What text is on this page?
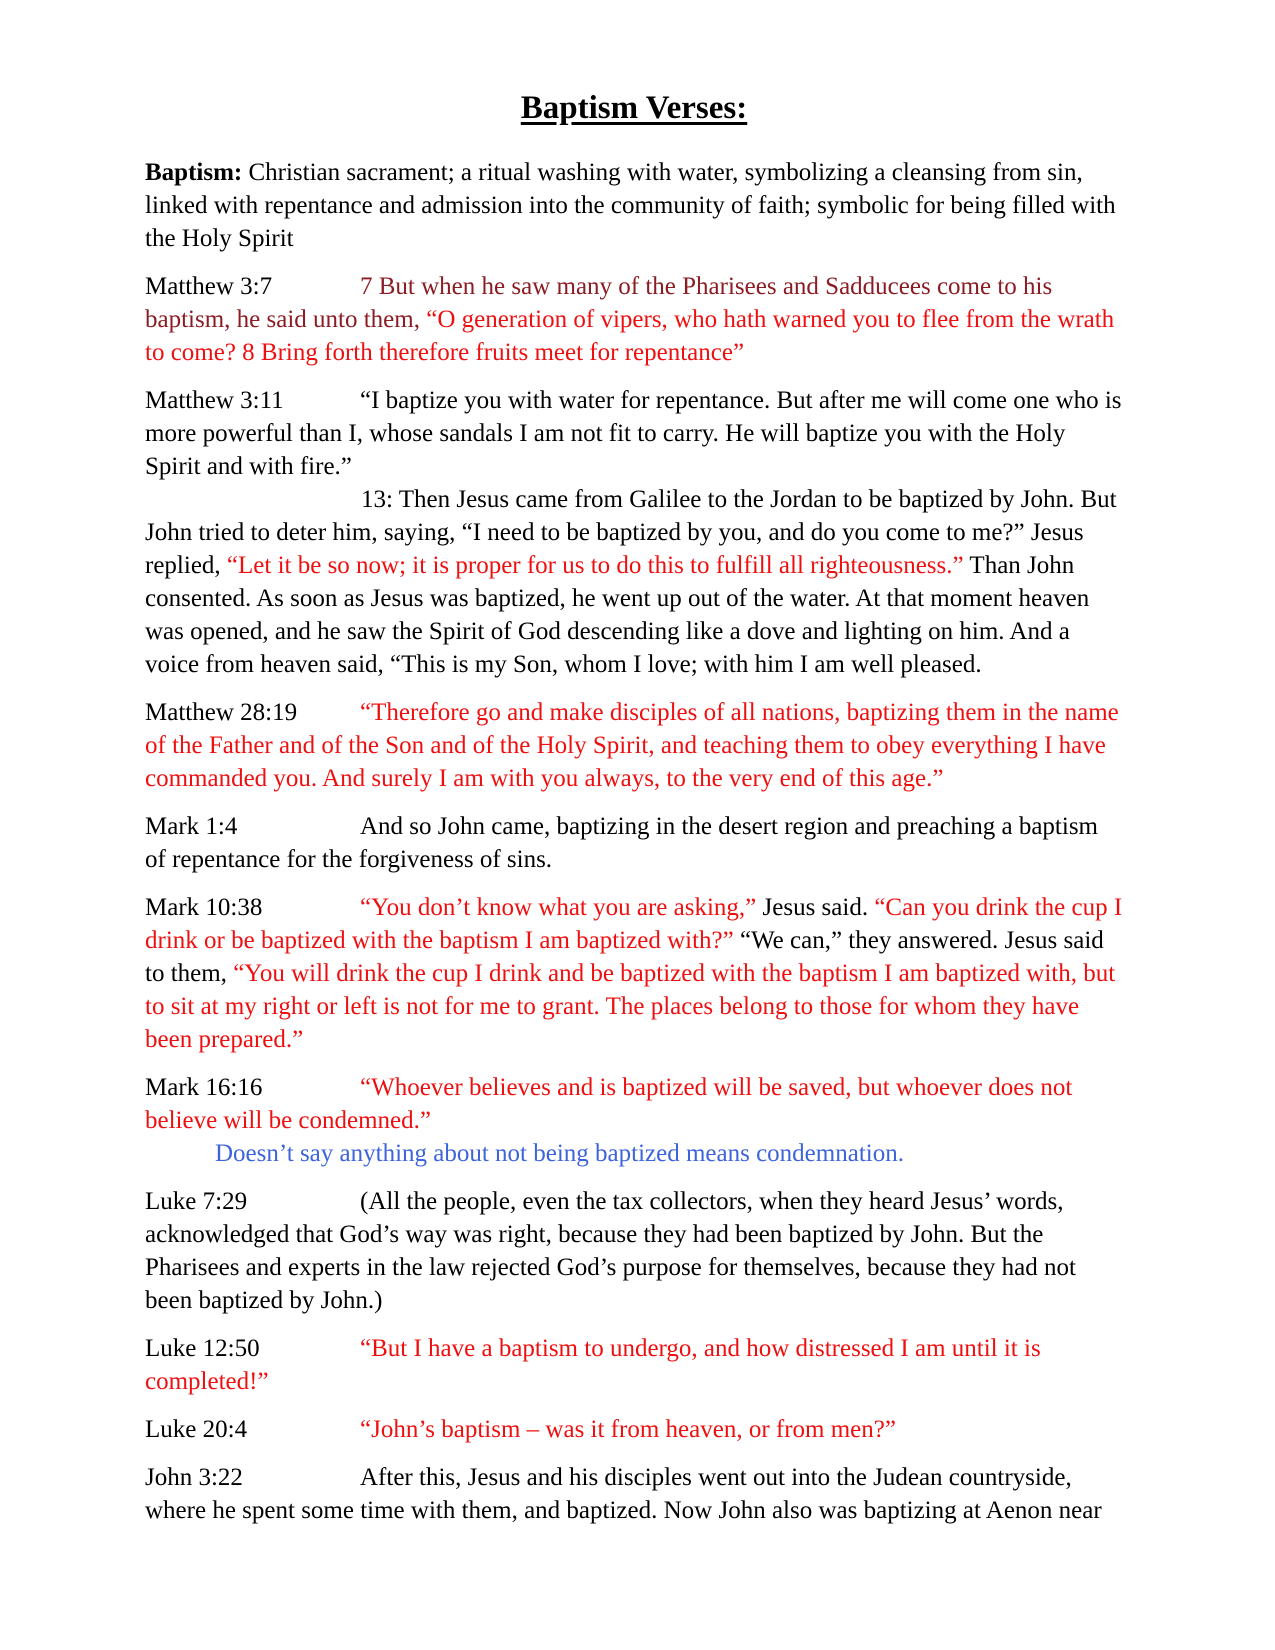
Baptism Verses:

Baptism: Christian sacrament; a ritual washing with water, symbolizing a cleansing from sin, linked with repentance and admission into the community of faith; symbolic for being filled with the Holy Spirit

Matthew 3:7	7 But when he saw many of the Pharisees and Sadducees come to his baptism, he said unto them, “O generation of vipers, who hath warned you to flee from the wrath to come? 8 Bring forth therefore fruits meet for repentance”

Matthew 3:11	“I baptize you with water for repentance. But after me will come one who is more powerful than I, whose sandals I am not fit to carry. He will baptize you with the Holy Spirit and with fire.”

13: Then Jesus came from Galilee to the Jordan to be baptized by John. But John tried to deter him, saying, “I need to be baptized by you, and do you come to me?” Jesus replied, “Let it be so now; it is proper for us to do this to fulfill all righteousness.” Than John consented. As soon as Jesus was baptized, he went up out of the water. At that moment heaven was opened, and he saw the Spirit of God descending like a dove and lighting on him. And a voice from heaven said, “This is my Son, whom I love; with him I am well pleased.

Matthew 28:19	“Therefore go and make disciples of all nations, baptizing them in the name of the Father and of the Son and of the Holy Spirit, and teaching them to obey everything I have commanded you. And surely I am with you always, to the very end of this age.”

Mark 1:4	And so John came, baptizing in the desert region and preaching a baptism of repentance for the forgiveness of sins.

Mark 10:38	“You don’t know what you are asking,” Jesus said. “Can you drink the cup I drink or be baptized with the baptism I am baptized with?” “We can,” they answered. Jesus said to them, “You will drink the cup I drink and be baptized with the baptism I am baptized with, but to sit at my right or left is not for me to grant. The places belong to those for whom they have been prepared.”

Mark 16:16	“Whoever believes and is baptized will be saved, but whoever does not believe will be condemned.”

Doesn’t say anything about not being baptized means condemnation.

Luke 7:29	(All the people, even the tax collectors, when they heard Jesus’ words, acknowledged that God’s way was right, because they had been baptized by John. But the Pharisees and experts in the law rejected God’s purpose for themselves, because they had not been baptized by John.)

Luke 12:50	“But I have a baptism to undergo, and how distressed I am until it is completed!”

Luke 20:4	“John’s baptism – was it from heaven, or from men?”

John 3:22	After this, Jesus and his disciples went out into the Judean countryside, where he spent some time with them, and baptized. Now John also was baptizing at Aenon near
